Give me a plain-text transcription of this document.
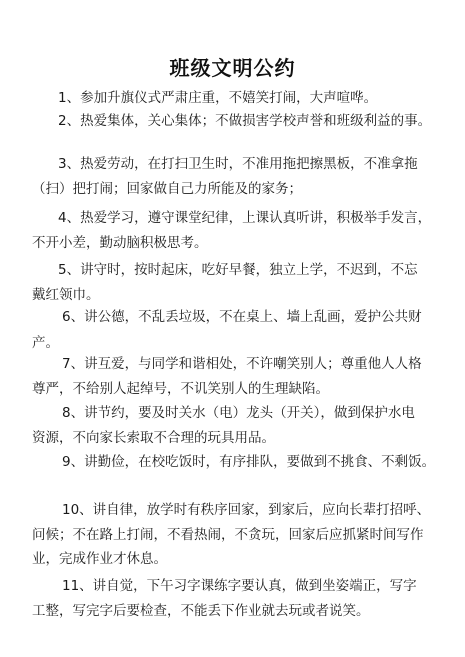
班级文明公约

1、参加升旗仪式严肃庄重，不嬉笑打闹，大声喧哗。

2、热爱集体，关心集体；不做损害学校声誉和班级利益的事。

3、热爱劳动，在打扫卫生时，不准用拖把擦黑板，不准拿拖

（扫）把打闹；回家做自己力所能及的家务；

4、热爱学习，遵守课堂纪律，上课认真听讲，积极举手发言，

不开小差，勤动脑积极思考。

5、讲守时，按时起床，吃好早餐，独立上学，不迟到，不忘

戴红领巾。

6、讲公德，不乱丢垃圾，不在桌上、墙上乱画，爱护公共财

产。

7、讲互爱，与同学和谐相处，不许嘲笑别人；尊重他人人格

尊严，不给别人起绰号，不讥笑别人的生理缺陷。

8、讲节约，要及时关水（电）龙头（开关），做到保护水电

资源，不向家长索取不合理的玩具用品。

9、讲勤俭，在校吃饭时，有序排队，要做到不挑食、不剩饭。

10、讲自律，放学时有秩序回家，到家后，应向长辈打招呼、

问候；不在路上打闹，不看热闹，不贪玩，回家后应抓紧时间写作

业，完成作业才休息。

11、讲自觉，下午习字课练字要认真，做到坐姿端正，写字

工整，写完字后要检查，不能丢下作业就去玩或者说笑。
